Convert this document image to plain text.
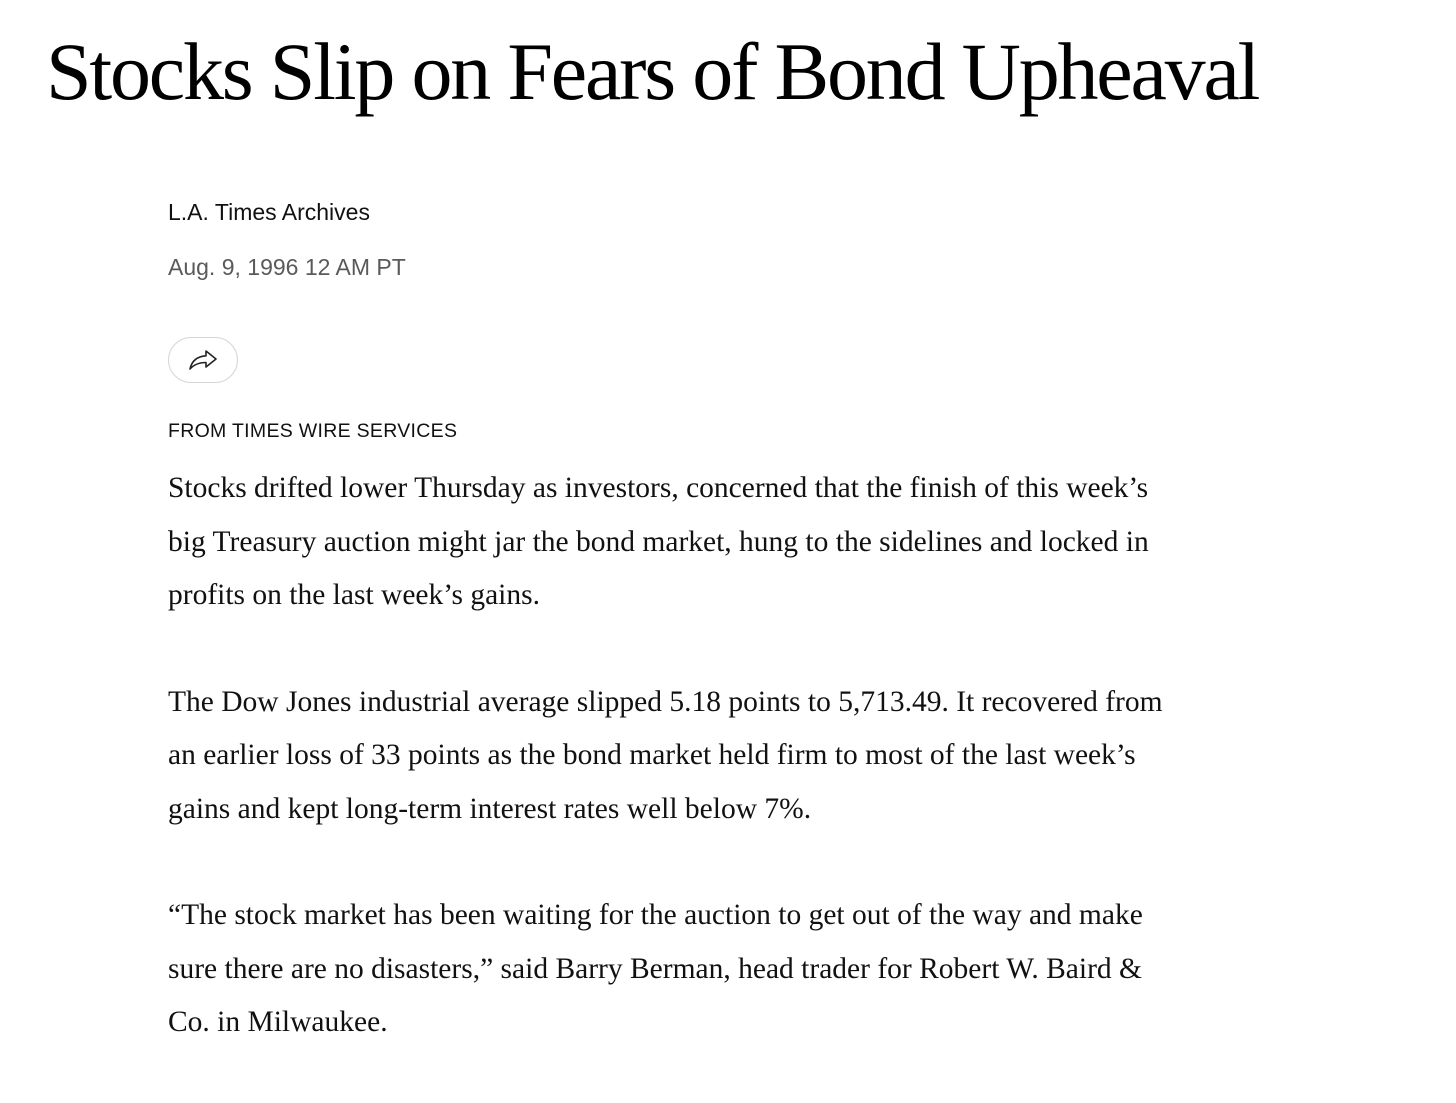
Stocks Slip on Fears of Bond Upheaval
L.A. Times Archives
Aug. 9, 1996 12 AM PT
FROM TIMES WIRE SERVICES

Stocks drifted lower Thursday as investors, concerned that the finish of this week’s
big Treasury auction might jar the bond market, hung to the sidelines and locked in
profits on the last week’s gains.

The Dow Jones industrial average slipped 5.18 points to 5,713.49. It recovered from
an earlier loss of 33 points as the bond market held firm to most of the last week’s
gains and kept long-term interest rates well below 7%.

“The stock market has been waiting for the auction to get out of the way and make
sure there are no disasters,” said Barry Berman, head trader for Robert W. Baird &
Co. in Milwaukee.
